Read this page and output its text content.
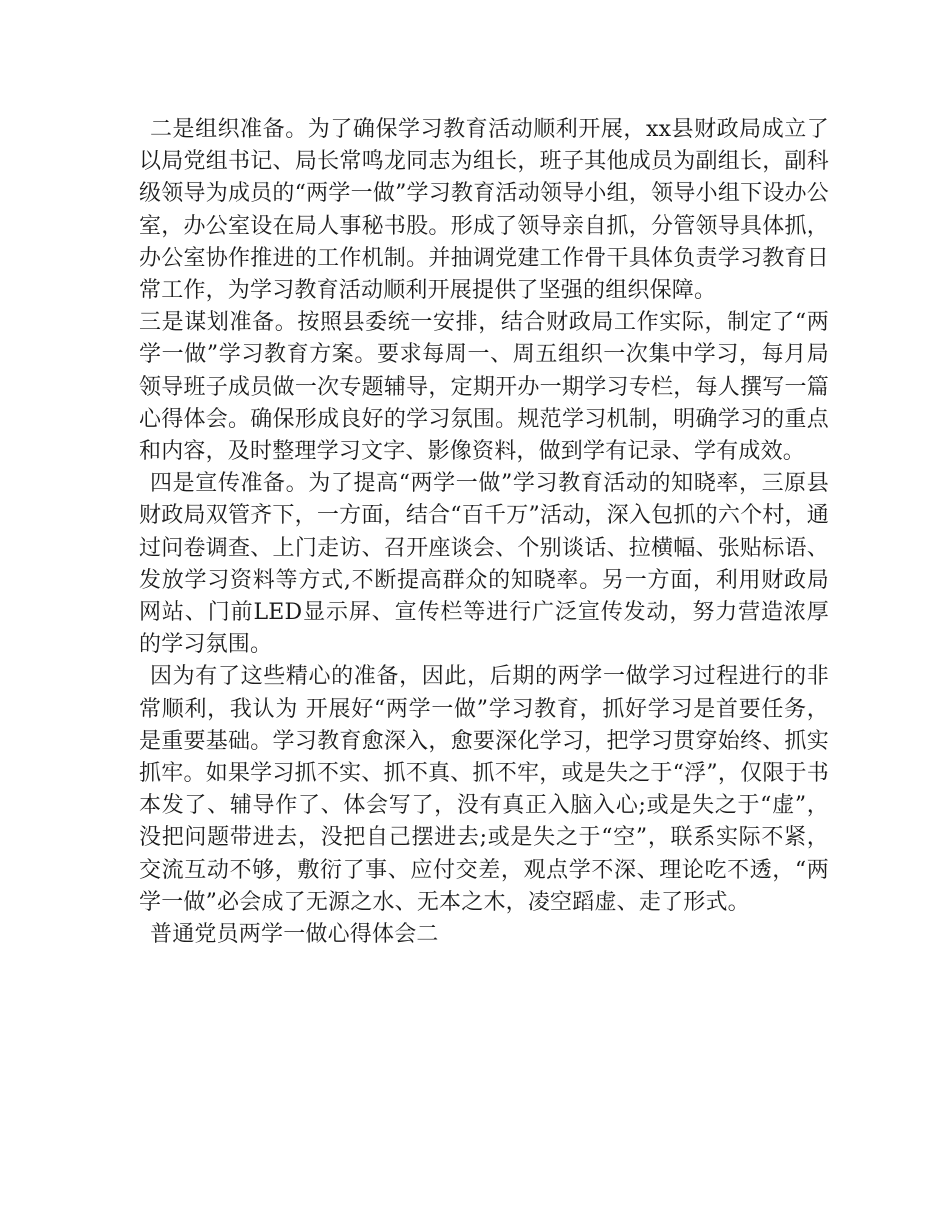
二是组织准备。为了确保学习教育活动顺利开展，xx县财政局成立了以局党组书记、局长常鸣龙同志为组长，班子其他成员为副组长，副科级领导为成员的“两学一做”学习教育活动领导小组，领导小组下设办公室，办公室设在局人事秘书股。形成了领导亲自抓，分管领导具体抓，办公室协作推进的工作机制。并抽调党建工作骨干具体负责学习教育日常工作，为学习教育活动顺利开展提供了坚强的组织保障。

三是谋划准备。按照县委统一安排，结合财政局工作实际，制定了“两学一做”学习教育方案。要求每周一、周五组织一次集中学习，每月局领导班子成员做一次专题辅导，定期开办一期学习专栏，每人撰写一篇心得体会。确保形成良好的学习氛围。规范学习机制，明确学习的重点和内容，及时整理学习文字、影像资料，做到学有记录、学有成效。

四是宣传准备。为了提高“两学一做”学习教育活动的知晓率，三原县财政局双管齐下，一方面，结合“百千万”活动，深入包抓的六个村，通过问卷调查、上门走访、召开座谈会、个别谈话、拉横幅、张贴标语、发放学习资料等方式,不断提高群众的知晓率。另一方面，利用财政局网站、门前LED显示屏、宣传栏等进行广泛宣传发动，努力营造浓厚的学习氛围。

因为有了这些精心的准备，因此，后期的两学一做学习过程进行的非常顺利，我认为 开展好“两学一做”学习教育，抓好学习是首要任务，是重要基础。学习教育愈深入，愈要深化学习，把学习贯穿始终、抓实抓牢。如果学习抓不实、抓不真、抓不牢，或是失之于“浮”，仅限于书本发了、辅导作了、体会写了，没有真正入脑入心;或是失之于“虚”，没把问题带进去，没把自己摆进去;或是失之于“空”，联系实际不紧，交流互动不够，敷衍了事、应付交差，观点学不深、理论吃不透，“两学一做”必会成了无源之水、无本之木，凌空蹈虚、走了形式。

普通党员两学一做心得体会二
